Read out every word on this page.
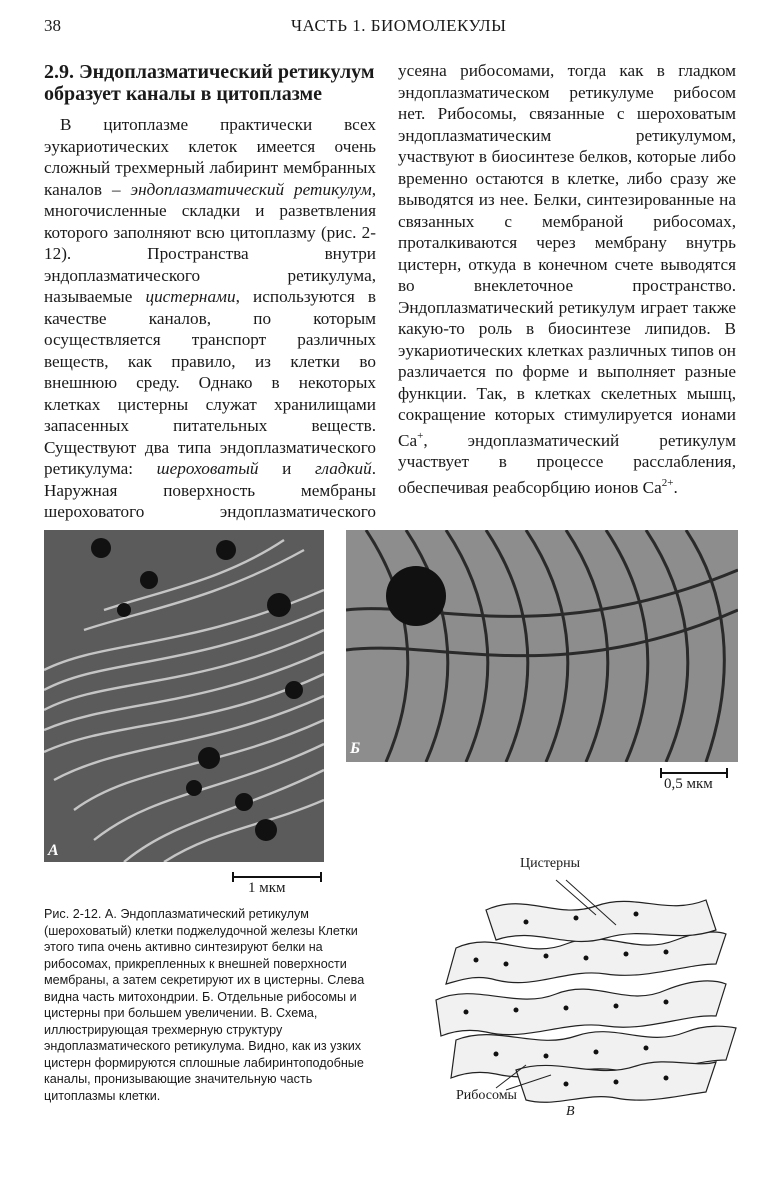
38	ЧАСТЬ 1. БИОМОЛЕКУЛЫ
2.9. Эндоплазматический ретикулум образует каналы в цитоплазме
В цитоплазме практически всех эукариотических клеток имеется очень сложный трехмерный лабиринт мембранных каналов – эндоплазматический ретикулум, многочисленные складки и разветвления которого заполняют всю цитоплазму (рис. 2-12). Пространства внутри эндоплазматического ретикулума, называемые цистернами, используются в качестве каналов, по которым осуществляется транспорт различных веществ, как правило, из клетки во внешнюю среду. Однако в некоторых клетках цистерны служат хранилищами запасенных питательных веществ. Существуют два типа эндоплазматического ретикулума: шероховатый и гладкий. Наружная поверхность мембраны шероховатого эндоплазматического
усеяна рибосомами, тогда как в гладком эндоплазматическом ретикулуме рибосом нет. Рибосомы, связанные с шероховатым эндоплазматическим ретикулумом, участвуют в биосинтезе белков, которые либо временно остаются в клетке, либо сразу же выводятся из нее. Белки, синтезированные на связанных с мембраной рибосомах, проталкиваются через мембрану внутрь цистерн, откуда в конечном счете выводятся во внеклеточное пространство. Эндоплазматический ретикулум играет также какую-то роль в биосинтезе липидов. В эукариотических клетках различных типов он различается по форме и выполняет разные функции. Так, в клетках скелетных мышц, сокращение которых стимулируется ионами Ca+, эндоплазматический ретикулум участвует в процессе расслабления, обеспечивая реабсорбцию ионов $Ca^{2+}$.
А
1 мкм
Б
0,5 мкм
Рис. 2-12. А. Эндоплазматический ретикулум (шероховатый) клетки поджелудочной железы Клетки этого типа очень активно синтезируют белки на рибосомах, прикрепленных к внешней поверхности мембраны, а затем секретируют их в цистерны. Слева видна часть митохондрии. Б. Отдельные рибосомы и цистерны при большем увеличении. В. Схема, иллюстрирующая трехмерную структуру эндоплазматического ретикулума. Видно, как из узких цистерн формируются сплошные лабиринтоподобные каналы, пронизывающие значительную часть цитоплазмы клетки.
Цистерны
Рибосомы
В
